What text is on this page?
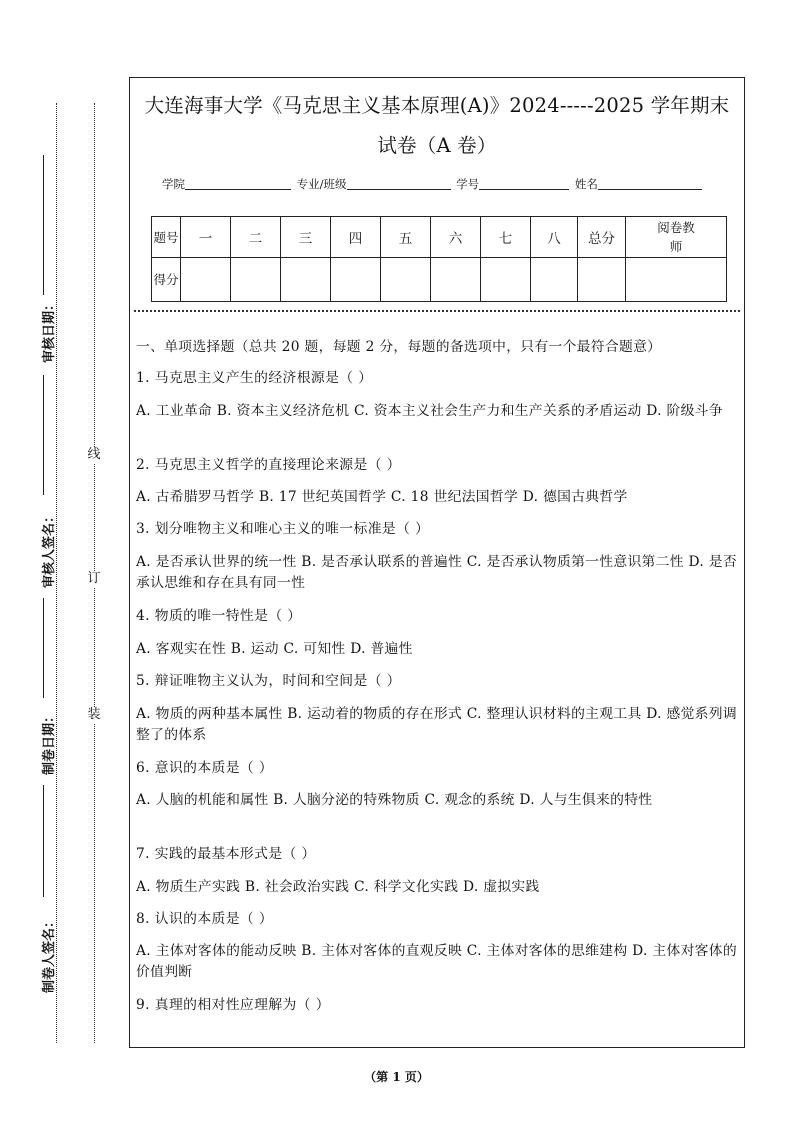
线
订
装
审核日期：
审核人签名：
制卷日期：
制卷人签名：
大连海事大学《马克思主义基本原理(A)》2024-----2025 学年期末
试卷（A 卷）
学院	专业/班级	学号	姓名
题号	一	二	三	四	五	六	七	八	总分	阅卷教师
得分										
一、单项选择题（总共 20 题，每题 2 分，每题的备选项中，只有一个最符合题意）
1. 马克思主义产生的经济根源是（ ）
A. 工业革命 B. 资本主义经济危机 C. 资本主义社会生产力和生产关系的矛盾运动 D. 阶级斗争
2. 马克思主义哲学的直接理论来源是（ ）
A. 古希腊罗马哲学 B. 17 世纪英国哲学 C. 18 世纪法国哲学 D. 德国古典哲学
3. 划分唯物主义和唯心主义的唯一标准是（ ）
A. 是否承认世界的统一性 B. 是否承认联系的普遍性 C. 是否承认物质第一性意识第二性 D. 是否承认思维和存在具有同一性
4. 物质的唯一特性是（ ）
A. 客观实在性 B. 运动 C. 可知性 D. 普遍性
5. 辩证唯物主义认为，时间和空间是（ ）
A. 物质的两种基本属性 B. 运动着的物质的存在形式 C. 整理认识材料的主观工具 D. 感觉系列调整了的体系
6. 意识的本质是（ ）
A. 人脑的机能和属性 B. 人脑分泌的特殊物质 C. 观念的系统 D. 人与生俱来的特性
7. 实践的最基本形式是（ ）
A. 物质生产实践 B. 社会政治实践 C. 科学文化实践 D. 虚拟实践
8. 认识的本质是（ ）
A. 主体对客体的能动反映 B. 主体对客体的直观反映 C. 主体对客体的思维建构 D. 主体对客体的价值判断
9. 真理的相对性应理解为（ ）
（第 1 页）
